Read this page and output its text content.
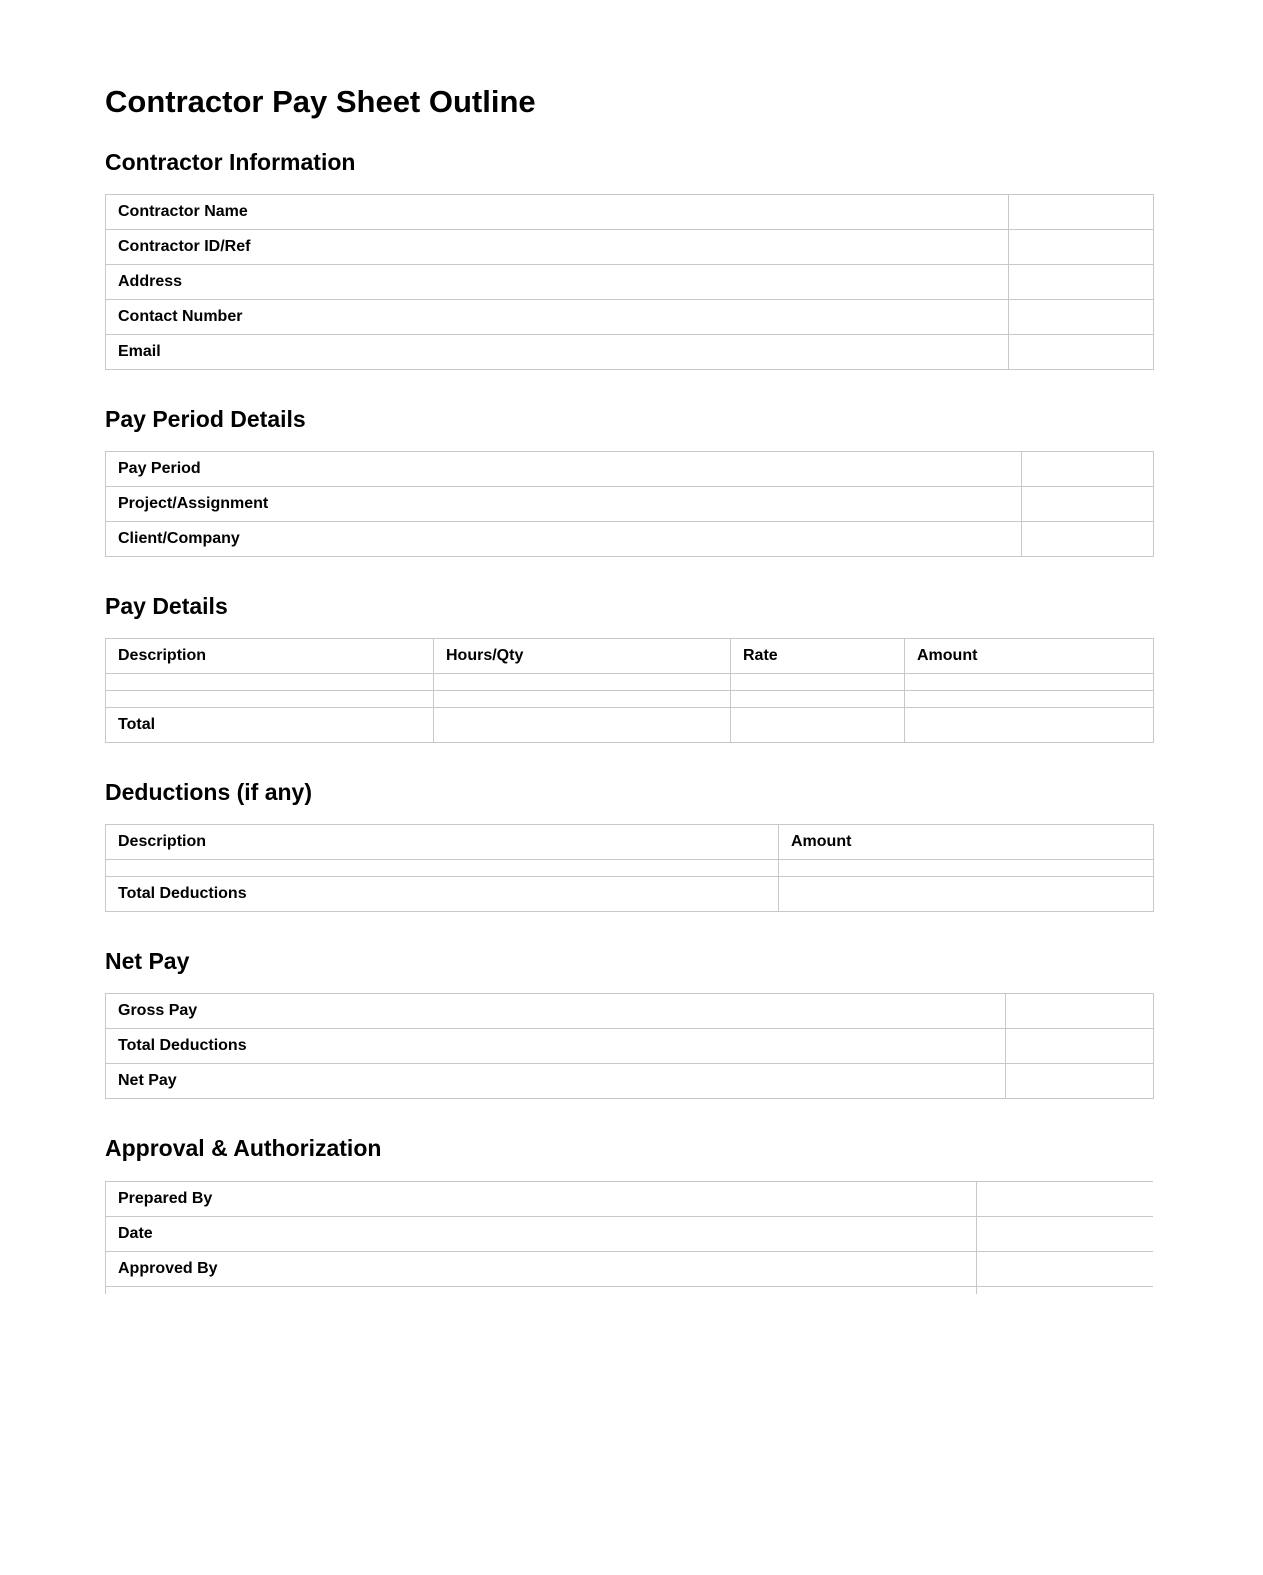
Contractor Pay Sheet Outline
Contractor Information
Contractor Name	
Contractor ID/Ref	
Address	
Contact Number	
Email	
Pay Period Details
Pay Period	
Project/Assignment	
Client/Company	
Pay Details
Description	Hours/Qty	Rate	Amount

Total			
Deductions (if any)
Description	Amount

Total Deductions	
Net Pay
Gross Pay	
Total Deductions	
Net Pay	
Approval & Authorization
Prepared By	
Date	
Approved By	
